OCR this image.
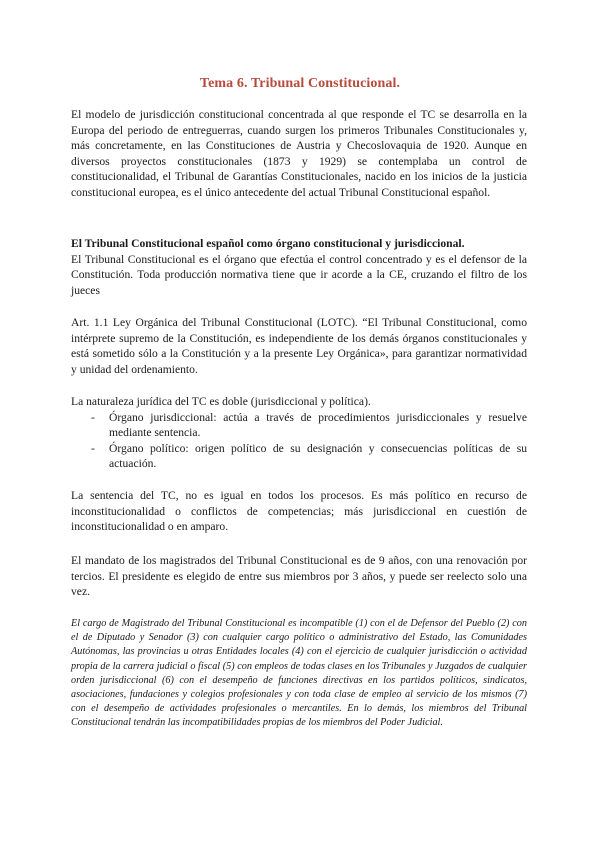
Tema 6. Tribunal Constitucional.
El modelo de jurisdicción constitucional concentrada al que responde el TC se desarrolla en la Europa del periodo de entreguerras, cuando surgen los primeros Tribunales Constitucionales y, más concretamente, en las Constituciones de Austria y Checoslovaquia de 1920. Aunque en diversos proyectos constitucionales (1873 y 1929) se contemplaba un control de constitucionalidad, el Tribunal de Garantías Constitucionales, nacido en los inicios de la justicia constitucional europea, es el único antecedente del actual Tribunal Constitucional español.
El Tribunal Constitucional español como órgano constitucional y jurisdiccional.
El Tribunal Constitucional es el órgano que efectúa el control concentrado y es el defensor de la Constitución. Toda producción normativa tiene que ir acorde a la CE, cruzando el filtro de los jueces
Art. 1.1 Ley Orgánica del Tribunal Constitucional (LOTC). “El Tribunal Constitucional, como intérprete supremo de la Constitución, es independiente de los demás órganos constitucionales y está sometido sólo a la Constitución y a la presente Ley Orgánica», para garantizar normatividad y unidad del ordenamiento.
La naturaleza jurídica del TC es doble (jurisdiccional y política).
- Órgano jurisdiccional: actúa a través de procedimientos jurisdiccionales y resuelve mediante sentencia.
- Órgano político: origen político de su designación y consecuencias políticas de su actuación.
La sentencia del TC, no es igual en todos los procesos. Es más político en recurso de inconstitucionalidad o conflictos de competencias; más jurisdiccional en cuestión de inconstitucionalidad o en amparo.
El mandato de los magistrados del Tribunal Constitucional es de 9 años, con una renovación por tercios. El presidente es elegido de entre sus miembros por 3 años, y puede ser reelecto solo una vez.
El cargo de Magistrado del Tribunal Constitucional es incompatible (1) con el de Defensor del Pueblo (2) con el de Diputado y Senador (3) con cualquier cargo político o administrativo del Estado, las Comunidades Autónomas, las provincias u otras Entidades locales (4) con el ejercicio de cualquier jurisdicción o actividad propia de la carrera judicial o fiscal (5) con empleos de todas clases en los Tribunales y Juzgados de cualquier orden jurisdiccional (6) con el desempeño de funciones directivas en los partidos políticos, sindicatos, asociaciones, fundaciones y colegios profesionales y con toda clase de empleo al servicio de los mismos (7) con el desempeño de actividades profesionales o mercantiles. En lo demás, los miembros del Tribunal Constitucional tendrán las incompatibilidades propias de los miembros del Poder Judicial.
